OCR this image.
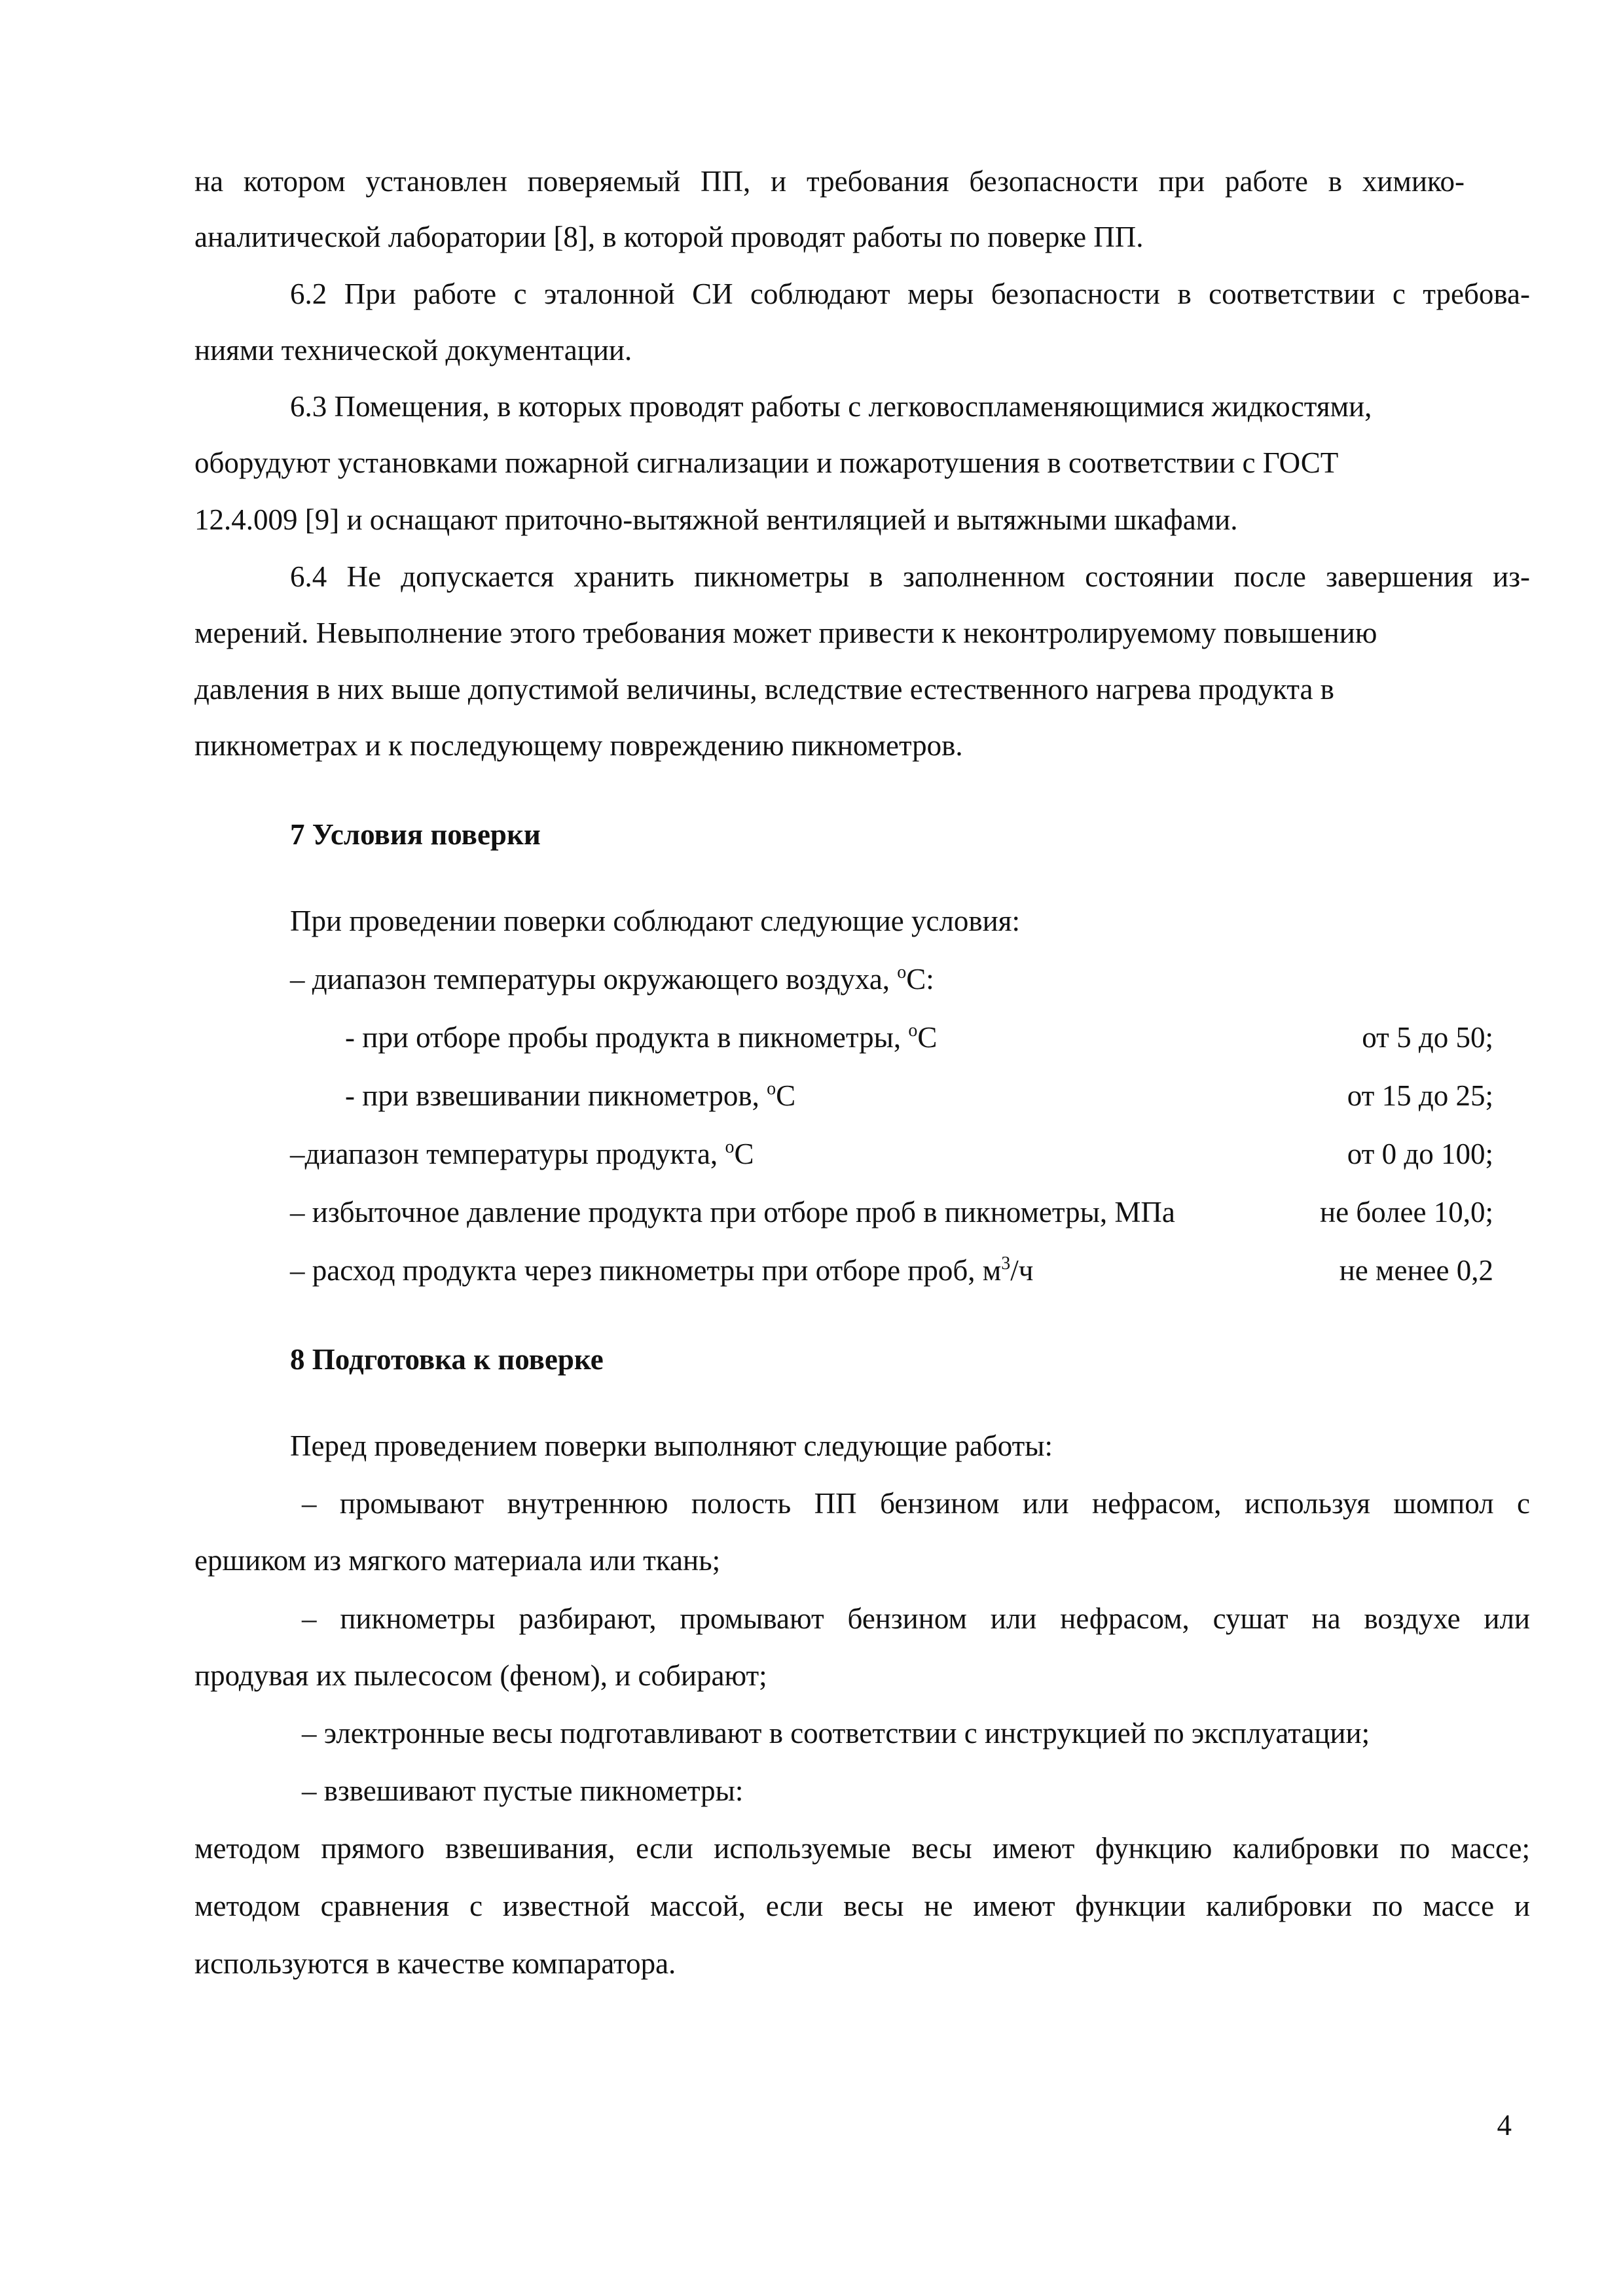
на котором установлен поверяемый ПП, и требования безопасности при работе в химико-
аналитической лаборатории [8], в которой проводят работы по поверке ПП.
6.2 При работе с эталонной СИ соблюдают меры безопасности в соответствии с требова-
ниями технической документации.
6.3 Помещения, в которых проводят работы с легковоспламеняющимися жидкостями,
оборудуют установками пожарной сигнализации и пожаротушения в соответствии с ГОСТ
12.4.009 [9] и оснащают приточно-вытяжной вентиляцией и вытяжными шкафами.
6.4 Не допускается хранить пикнометры в заполненном состоянии после завершения из-
мерений. Невыполнение этого требования может привести к неконтролируемому повышению
давления в них выше допустимой величины, вследствие естественного нагрева продукта в
пикнометрах и к последующему повреждению пикнометров.
7 Условия поверки
При проведении поверки соблюдают следующие условия:
– диапазон температуры окружающего воздуха, $^о$С:
- при отборе пробы продукта в пикнометры, $^о$С	от 5 до 50;
- при взвешивании пикнометров, $^о$С	от 15 до 25;
–диапазон температуры продукта, $^о$С	от 0 до 100;
– избыточное давление продукта при отборе проб в пикнометры, МПа	не более 10,0;
– расход продукта через пикнометры при отборе проб, $м^3/ч$	не менее 0,2
8 Подготовка к поверке
Перед проведением поверки выполняют следующие работы:
– промывают внутреннюю полость ПП бензином или нефрасом, используя шомпол с
ершиком из мягкого материала или ткань;
– пикнометры разбирают, промывают бензином или нефрасом, сушат на воздухе или
продувая их пылесосом (феном), и собирают;
– электронные весы подготавливают в соответствии с инструкцией по эксплуатации;
– взвешивают пустые пикнометры:
методом прямого взвешивания, если используемые весы имеют функцию калибровки по массе;
методом сравнения с известной массой, если весы не имеют функции калибровки по массе и
используются в качестве компаратора.
4
